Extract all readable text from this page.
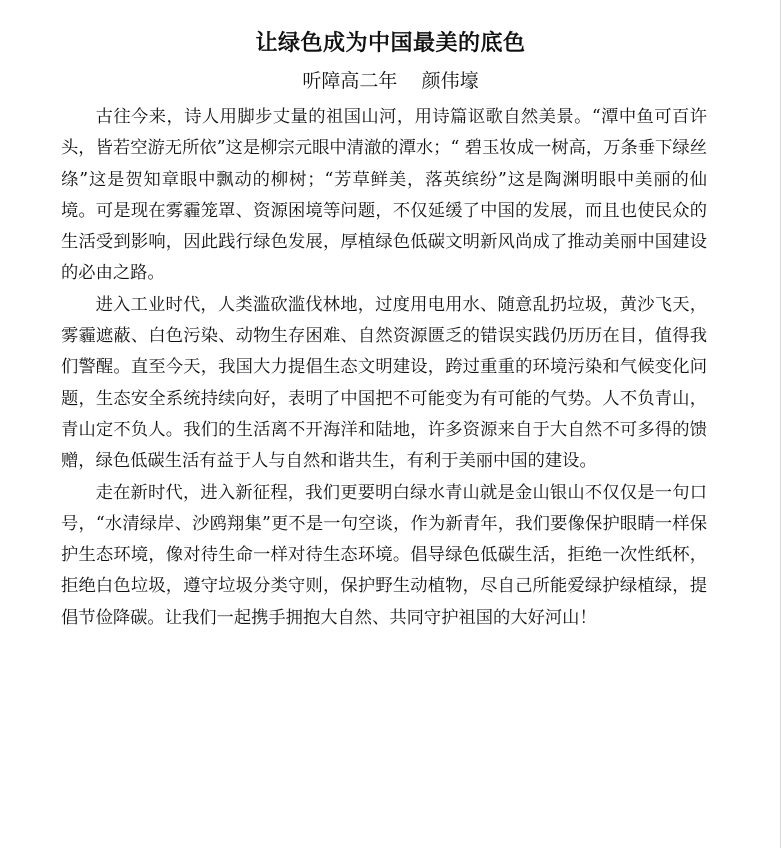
让绿色成为中国最美的底色
听障高二年    颜伟壕

古往今来，诗人用脚步丈量的祖国山河，用诗篇讴歌自然美景。“潭中鱼可百许头，皆若空游无所依”这是柳宗元眼中清澈的潭水；“ 碧玉妆成一树高，万条垂下绿丝绦”这是贺知章眼中飘动的柳树；“芳草鲜美，落英缤纷”这是陶渊明眼中美丽的仙境。可是现在雾霾笼罩、资源困境等问题，不仅延缓了中国的发展，而且也使民众的生活受到影响，因此践行绿色发展，厚植绿色低碳文明新风尚成了推动美丽中国建设的必由之路。

进入工业时代，人类滥砍滥伐林地，过度用电用水、随意乱扔垃圾，黄沙飞天，雾霾遮蔽、白色污染、动物生存困难、自然资源匮乏的错误实践仍历历在目，值得我们警醒。直至今天，我国大力提倡生态文明建设，跨过重重的环境污染和气候变化问题，生态安全系统持续向好，表明了中国把不可能变为有可能的气势。人不负青山，青山定不负人。我们的生活离不开海洋和陆地，许多资源来自于大自然不可多得的馈赠，绿色低碳生活有益于人与自然和谐共生，有利于美丽中国的建设。

走在新时代，进入新征程，我们更要明白绿水青山就是金山银山不仅仅是一句口号，“水清绿岸、沙鸥翔集”更不是一句空谈，作为新青年，我们要像保护眼睛一样保护生态环境，像对待生命一样对待生态环境。倡导绿色低碳生活，拒绝一次性纸杯，拒绝白色垃圾，遵守垃圾分类守则，保护野生动植物，尽自己所能爱绿护绿植绿，提倡节俭降碳。让我们一起携手拥抱大自然、共同守护祖国的大好河山！
